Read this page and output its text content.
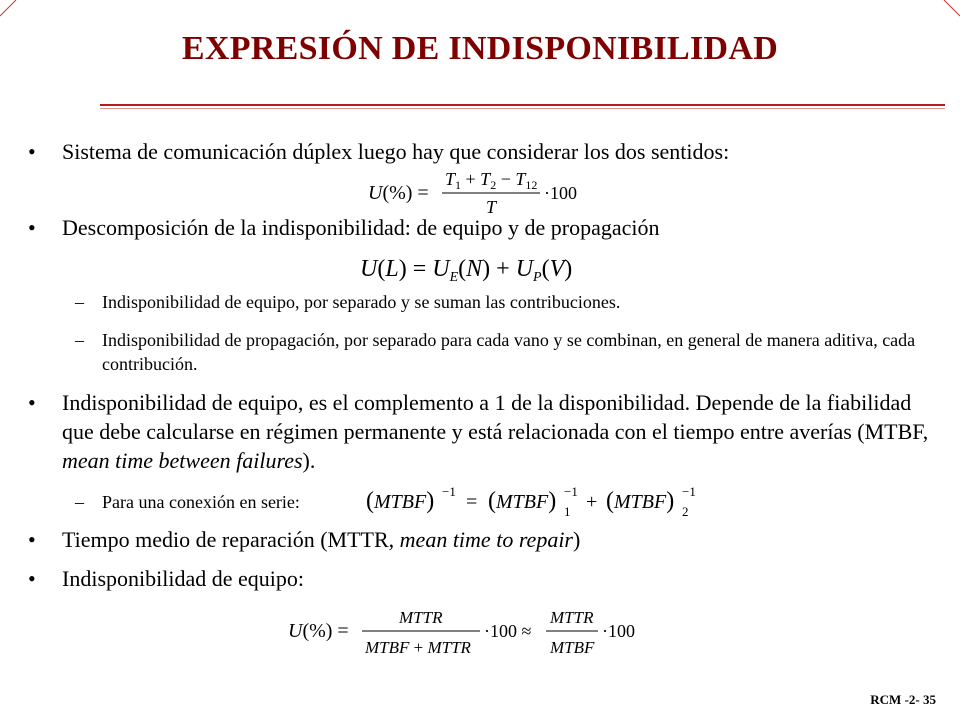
EXPRESIÓN DE INDISPONIBILIDAD
• Sistema de comunicación dúplex luego hay que considerar los dos sentidos:
U(%) =
$T_1 + T_2 - T_{12}$
T
·100
• Descomposición de la indisponibilidad: de equipo y de propagación
$U(L) = U_E(N) + U_P(V)$
– Indisponibilidad de equipo, por separado y se suman las contribuciones.
– Indisponibilidad de propagación, por separado para cada vano y se combinan, en general de manera aditiva, cada contribución.
• Indisponibilidad de equipo, es el complemento a 1 de la disponibilidad. Depende de la fiabilidad que debe calcularse en régimen permanente y está relacionada con el tiempo entre averías (MTBF, mean time between failures).
– Para una conexión en serie:	(MTBF) −1 = (MTBF) −1
1 + (MTBF) −1
2
• Tiempo medio de reparación (MTTR, mean time to repair)
• Indisponibilidad de equipo:
U(%) =
MTTR
MTBF + MTTR
·100 ≈
MTTR
MTBF
·100
RCM -2- 35
